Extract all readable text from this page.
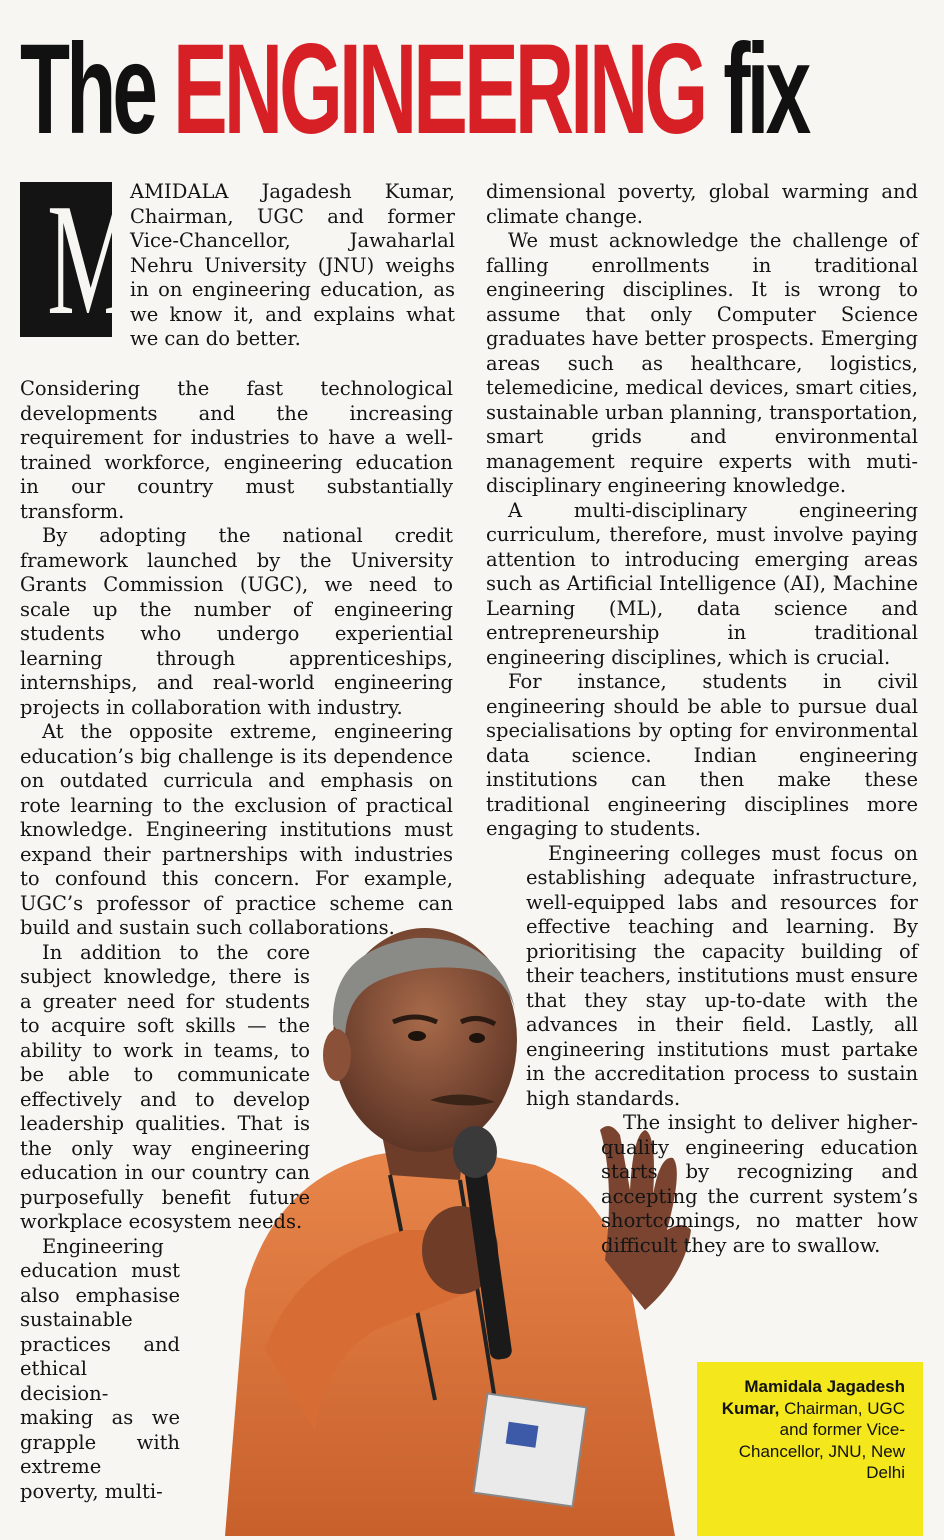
The ENGINEERING fix
M

AMIDALA Jagadesh Kumar, Chairman, UGC and former Vice-Chancellor, Jawaharlal Nehru University (JNU) weighs in on engineering education, as we know it, and explains what we can do better.

Considering the fast technological developments and the increasing requirement for industries to have a well-trained workforce, engineering education in our country must substantially transform.

By adopting the national credit framework launched by the University Grants Commission (UGC), we need to scale up the number of engineering students who undergo experiential learning through apprenticeships, internships, and real-world engineering projects in collaboration with industry.

At the opposite extreme, engineering education’s big challenge is its dependence on outdated curricula and emphasis on rote learning to the exclusion of practical knowledge. Engineering institutions must expand their partnerships with industries to confound this concern. For example, UGC’s professor of practice scheme can build and sustain such collaborations.

In addition to the core subject knowledge, there is a greater need for students to acquire soft skills — the ability to work in teams, to be able to communicate effectively and to develop leadership qualities. That is the only way engineering education in our country can purposefully benefit future workplace ecosystem needs.

Engineering education must also emphasise sustainable practices and ethical decision-making as we grapple with extreme poverty, multi-

dimensional poverty, global warming and climate change.

We must acknowledge the challenge of falling enrollments in traditional engineering disciplines. It is wrong to assume that only Computer Science graduates have better prospects. Emerging areas such as healthcare, logistics, telemedicine, medical devices, smart cities, sustainable urban planning, transportation, smart grids and environmental management require experts with muti-disciplinary engineering knowledge.

A multi-disciplinary engineering curriculum, therefore, must involve paying attention to introducing emerging areas such as Artificial Intelligence (AI), Machine Learning (ML), data science and entrepreneurship in traditional engineering disciplines, which is crucial.

For instance, students in civil engineering should be able to pursue dual specialisations by opting for environmental data science. Indian engineering institutions can then make these traditional engineering disciplines more engaging to students.

Engineering colleges must focus on establishing adequate infrastructure, well-equipped labs and resources for effective teaching and learning. By prioritising the capacity building of their teachers, institutions must ensure that they stay up-to-date with the advances in their field. Lastly, all engineering institutions must partake in the accreditation process to sustain high standards.

The insight to deliver higher-quality engineering education starts by recognizing and accepting the current system’s shortcomings, no matter how difficult they are to swallow.

Mamidala Jagadesh Kumar, Chairman, UGC and former Vice-Chancellor, JNU, New Delhi
